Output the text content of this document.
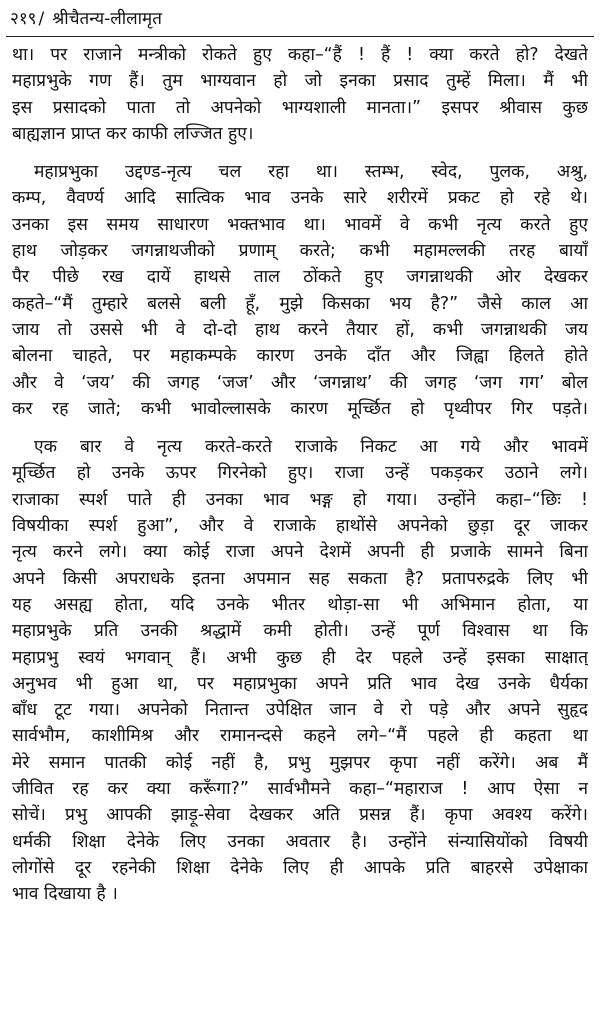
२१९ / श्रीचैतन्य-लीलामृत
था। पर राजाने मन्त्रीको रोकते हुए कहा–“हैं ! हैं ! क्या करते हो? देखते
महाप्रभुके गण हैं। तुम भाग्यवान हो जो इनका प्रसाद तुम्हें मिला। मैं भी
इस प्रसादको पाता तो अपनेको भाग्यशाली मानता।” इसपर श्रीवास कुछ
बाह्यज्ञान प्राप्त कर काफी लज्जित हुए।
महाप्रभुका उद्दण्ड-नृत्य चल रहा था। स्तम्भ, स्वेद, पुलक, अश्रु,
कम्प, वैवर्ण्य आदि सात्विक भाव उनके सारे शरीरमें प्रकट हो रहे थे।
उनका इस समय साधारण भक्तभाव था। भावमें वे कभी नृत्य करते हुए
हाथ जोड़कर जगन्नाथजीको प्रणाम् करते; कभी महामल्लकी तरह बायाँ
पैर पीछे रख दायें हाथसे ताल ठोंकते हुए जगन्नाथकी ओर देखकर
कहते–“मैं तुम्हारे बलसे बली हूँ, मुझे किसका भय है?” जैसे काल आ
जाय तो उससे भी वे दो-दो हाथ करने तैयार हों, कभी जगन्नाथकी जय
बोलना चाहते, पर महाकम्पके कारण उनके दाँत और जिह्वा हिलते होते
और वे ‘जय’ की जगह ‘जज’ और ‘जगन्नाथ’ की जगह ‘जग गग’ बोल
कर रह जाते; कभी भावोल्लासके कारण मूर्च्छित हो पृथ्वीपर गिर पड़ते।
एक बार वे नृत्य करते-करते राजाके निकट आ गये और भावमें
मूर्च्छित हो उनके ऊपर गिरनेको हुए। राजा उन्हें पकड़कर उठाने लगे।
राजाका स्पर्श पाते ही उनका भाव भङ्ग हो गया। उन्होंने कहा–“छिः !
विषयीका स्पर्श हुआ”, और वे राजाके हाथोंसे अपनेको छुड़ा दूर जाकर
नृत्य करने लगे। क्या कोई राजा अपने देशमें अपनी ही प्रजाके सामने बिना
अपने किसी अपराधके इतना अपमान सह सकता है? प्रतापरुद्रके लिए भी
यह असह्य होता, यदि उनके भीतर थोड़ा-सा भी अभिमान होता, या
महाप्रभुके प्रति उनकी श्रद्धामें कमी होती। उन्हें पूर्ण विश्वास था कि
महाप्रभु स्वयं भगवान् हैं। अभी कुछ ही देर पहले उन्हें इसका साक्षात्
अनुभव भी हुआ था, पर महाप्रभुका अपने प्रति भाव देख उनके धैर्यका
बाँध टूट गया। अपनेको नितान्त उपेक्षित जान वे रो पड़े और अपने सुहृद
सार्वभौम, काशीमिश्र और रामानन्दसे कहने लगे–“मैं पहले ही कहता था
मेरे समान पातकी कोई नहीं है, प्रभु मुझपर कृपा नहीं करेंगे। अब मैं
जीवित रह कर क्या करूँगा?” सार्वभौमने कहा–“महाराज ! आप ऐसा न
सोचें। प्रभु आपकी झाड़ू-सेवा देखकर अति प्रसन्न हैं। कृपा अवश्य करेंगे।
धर्मकी शिक्षा देनेके लिए उनका अवतार है। उन्होंने संन्यासियोंको विषयी
लोगोंसे दूर रहनेकी शिक्षा देनेके लिए ही आपके प्रति बाहरसे उपेक्षाका
भाव दिखाया है ।
